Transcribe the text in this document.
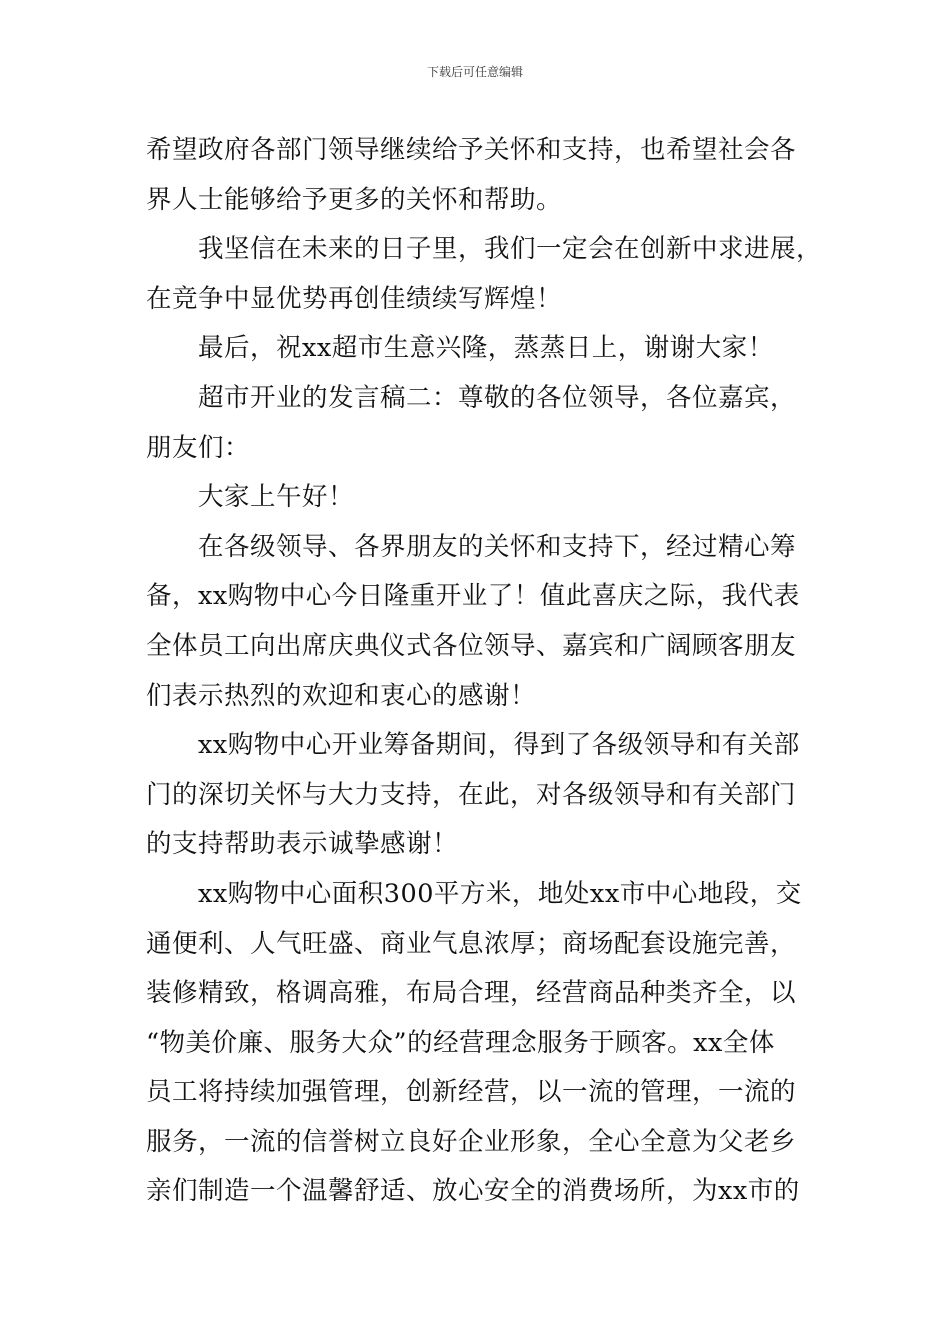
下载后可任意编辑
希望政府各部门领导继续给予关怀和支持，也希望社会各
界人士能够给予更多的关怀和帮助。
我坚信在未来的日子里，我们一定会在创新中求进展，
在竞争中显优势再创佳绩续写辉煌！
最后，祝xx超市生意兴隆，蒸蒸日上，谢谢大家！
超市开业的发言稿二：尊敬的各位领导，各位嘉宾，
朋友们：
大家上午好！
在各级领导、各界朋友的关怀和支持下，经过精心筹
备，xx购物中心今日隆重开业了！值此喜庆之际，我代表
全体员工向出席庆典仪式各位领导、嘉宾和广阔顾客朋友
们表示热烈的欢迎和衷心的感谢！
xx购物中心开业筹备期间，得到了各级领导和有关部
门的深切关怀与大力支持，在此，对各级领导和有关部门
的支持帮助表示诚挚感谢！
xx购物中心面积300平方米，地处xx市中心地段，交
通便利、人气旺盛、商业气息浓厚；商场配套设施完善，
装修精致，格调高雅，布局合理，经营商品种类齐全，以
“物美价廉、服务大众”的经营理念服务于顾客。xx全体
员工将持续加强管理，创新经营，以一流的管理，一流的
服务，一流的信誉树立良好企业形象，全心全意为父老乡
亲们制造一个温馨舒适、放心安全的消费场所，为xx市的
